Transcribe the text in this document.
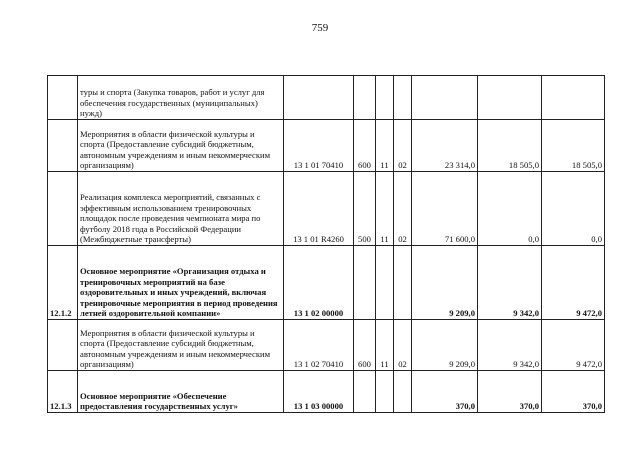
759
	туры и спорта (Закупка товаров, работ и услуг для обеспечения государственных (муниципальных) нужд)							
	Мероприятия в области физической культуры и спорта (Предоставление субсидий бюджетным, автономным учреждениям и иным некоммерческим организациям)	13 1 01 70410	600	11	02	23 314,0	18 505,0	18 505,0
	Реализация комплекса мероприятий, связанных с эффективным использованием тренировочных площадок после проведения чемпионата мира по футболу 2018 года в Российской Федерации (Межбюджетные трансферты)	13 1 01 R4260	500	11	02	71 600,0	0,0	0,0
12.1.2	Основное мероприятие «Организация отдыха и тренировочных мероприятий на базе оздоровительных и иных учреждений, включая тренировочные мероприятия в период проведения летней оздоровительной компании»	13 1 02 00000				9 209,0	9 342,0	9 472,0
	Мероприятия в области физической культуры и спорта (Предоставление субсидий бюджетным, автономным учреждениям и иным некоммерческим организациям)	13 1 02 70410	600	11	02	9 209,0	9 342,0	9 472,0
12.1.3	Основное мероприятие «Обеспечение предоставления государственных услуг»	13 1 03 00000				370,0	370,0	370,0
